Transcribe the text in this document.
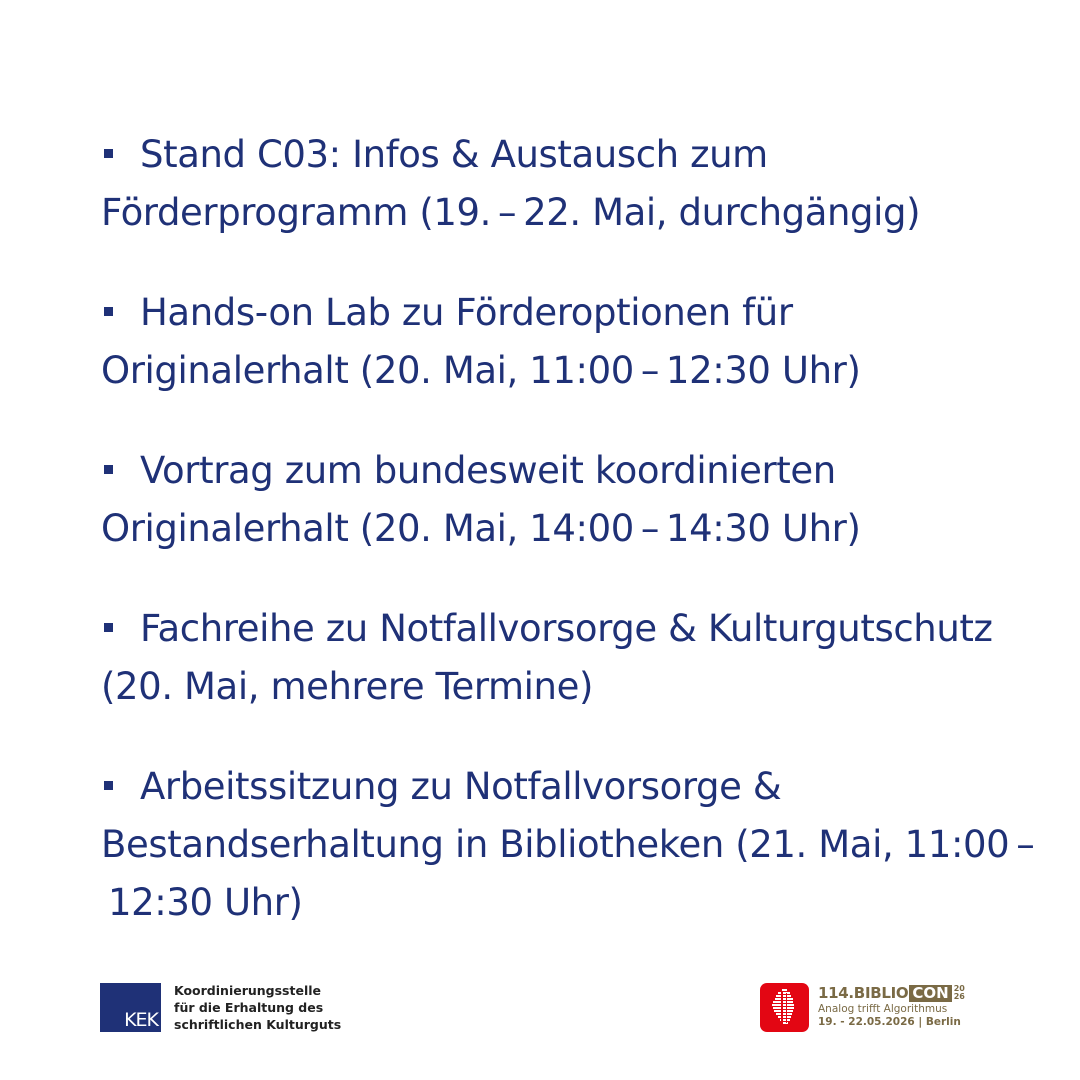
Stand C03: Infos & Austausch zum Förderprogramm (19. – 22. Mai, durchgängig)
Hands-on Lab zu Förderoptionen für Originalerhalt (20. Mai, 11:00 – 12:30 Uhr)
Vortrag zum bundesweit koordinierten Originalerhalt (20. Mai, 14:00 – 14:30 Uhr)
Fachreihe zu Notfallvorsorge & Kulturgutschutz (20. Mai, mehrere Termine)
Arbeitssitzung zu Notfallvorsorge & Bestandserhaltung in Bibliotheken (21. Mai, 11:00 – 12:30 Uhr)
KEK
Koordinierungsstelle
für die Erhaltung des
schriftlichen Kulturguts
114.BIBLIO CON 20
26
Analog trifft Algorithmus
19. - 22.05.2026 | Berlin
